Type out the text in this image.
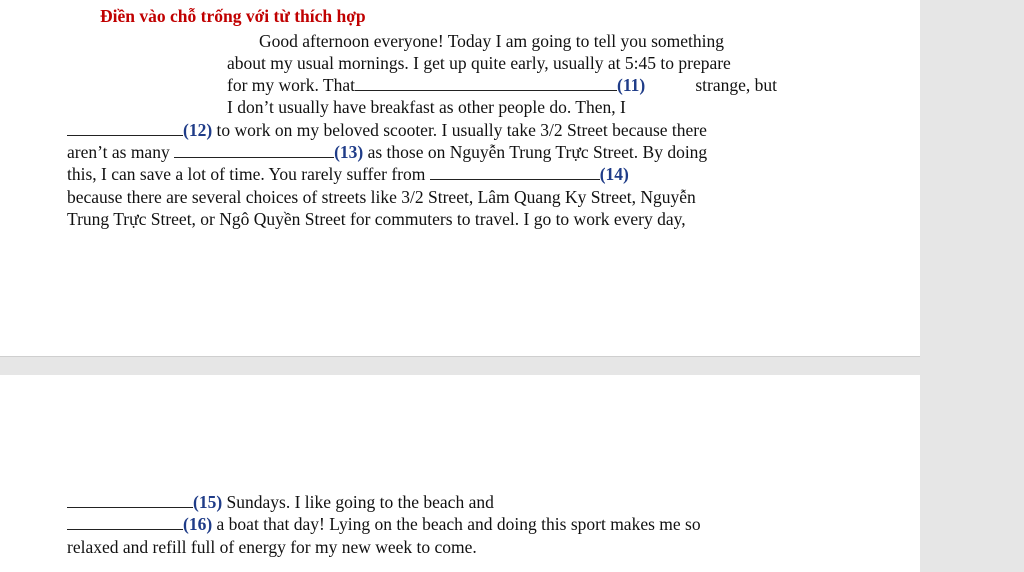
Điền vào chỗ trống với từ thích hợp
Good afternoon everyone! Today I am going to tell you something
about my usual mornings. I get up quite early, usually at 5:45 to prepare
for my work. That	(11)	strange, but
I don’t usually have breakfast as other people do. Then, I
(12) to work on my beloved scooter. I usually take 3/2 Street because there
aren’t as many	(13) as those on Nguyễn Trung Trực Street. By doing
this, I can save a lot of time. You rarely suffer from	(14)
because there are several choices of streets like 3/2 Street, Lâm Quang Ky Street, Nguyễn
Trung Trực Street, or Ngô Quyền Street for commuters to travel. I go to work every day,
(15) Sundays. I like going to the beach and
(16) a boat that day! Lying on the beach and doing this sport makes me so
relaxed and refill full of energy for my new week to come.
